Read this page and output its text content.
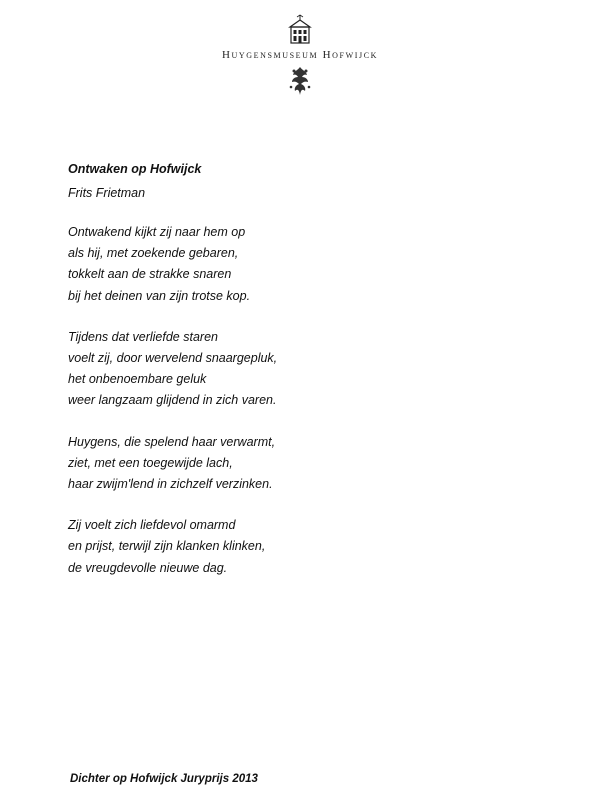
Huygensmuseum Hofwijck
Ontwaken op Hofwijck
Frits Frietman
Ontwakend kijkt zij naar hem op
als hij, met zoekende gebaren,
tokkelt aan de strakke snaren
bij het deinen van zijn trotse kop.
Tijdens dat verliefde staren
voelt zij, door wervelend snaargepluk,
het onbenoembare geluk
weer langzaam glijdend in zich varen.
Huygens, die spelend haar verwarmt,
ziet, met een toegewijde lach,
haar zwijm'lend in zichzelf verzinken.
Zij voelt zich liefdevol omarmd
en prijst, terwijl zijn klanken klinken,
de vreugdevolle nieuwe dag.
Dichter op Hofwijck Juryprijs 2013
